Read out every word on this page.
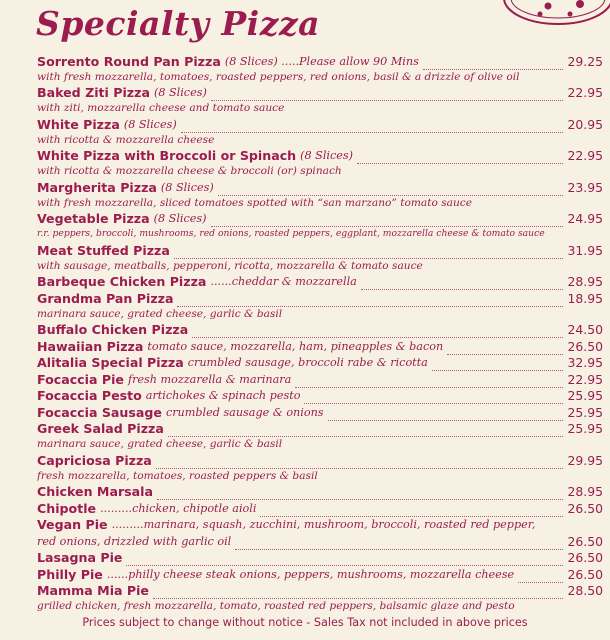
Specialty Pizza
Sorrento Round Pan Pizza (8 Slices) .....Please allow 90 Mins	29.25
with fresh mozzarella, tomatoes, roasted peppers, red onions, basil & a drizzle of olive oil
Baked Ziti Pizza (8 Slices)	22.95
with ziti, mozzarella cheese and tomato sauce
White Pizza (8 Slices)	20.95
with ricotta & mozzarella cheese
White Pizza with Broccoli or Spinach (8 Slices)	22.95
with ricotta & mozzarella cheese & broccoli (or) spinach
Margherita Pizza (8 Slices)	23.95
with fresh mozzarella, sliced tomatoes spotted with “san marzano” tomato sauce
Vegetable Pizza (8 Slices)	24.95
r.r. peppers, broccoli, mushrooms, red onions, roasted peppers, eggplant, mozzarella cheese & tomato sauce
Meat Stuffed Pizza	31.95
with sausage, meatballs, pepperoni, ricotta, mozzarella & tomato sauce
Barbeque Chicken Pizza ......cheddar & mozzarella	28.95
Grandma Pan Pizza	18.95
marinara sauce, grated cheese, garlic & basil
Buffalo Chicken Pizza	24.50
Hawaiian Pizza tomato sauce, mozzarella, ham, pineapples & bacon	26.50
Alitalia Special Pizza crumbled sausage, broccoli rabe & ricotta	32.95
Focaccia Pie fresh mozzarella & marinara	22.95
Focaccia Pesto artichokes & spinach pesto	25.95
Focaccia Sausage crumbled sausage & onions	25.95
Greek Salad Pizza	25.95
marinara sauce, grated cheese, garlic & basil
Capriciosa Pizza	29.95
fresh mozzarella, tomatoes, roasted peppers & basil
Chicken Marsala	28.95
Chipotle .........chicken, chipotle aioli	26.50
Vegan Pie .........marinara, squash, zucchini, mushroom, broccoli, roasted red pepper,
red onions, drizzled with garlic oil	26.50
Lasagna Pie	26.50
Philly Pie ......philly cheese steak onions, peppers, mushrooms, mozzarella cheese	26.50
Mamma Mia Pie	28.50
grilled chicken, fresh mozzarella, tomato, roasted red peppers, balsamic glaze and pesto
Prices subject to change without notice - Sales Tax not included in above prices
